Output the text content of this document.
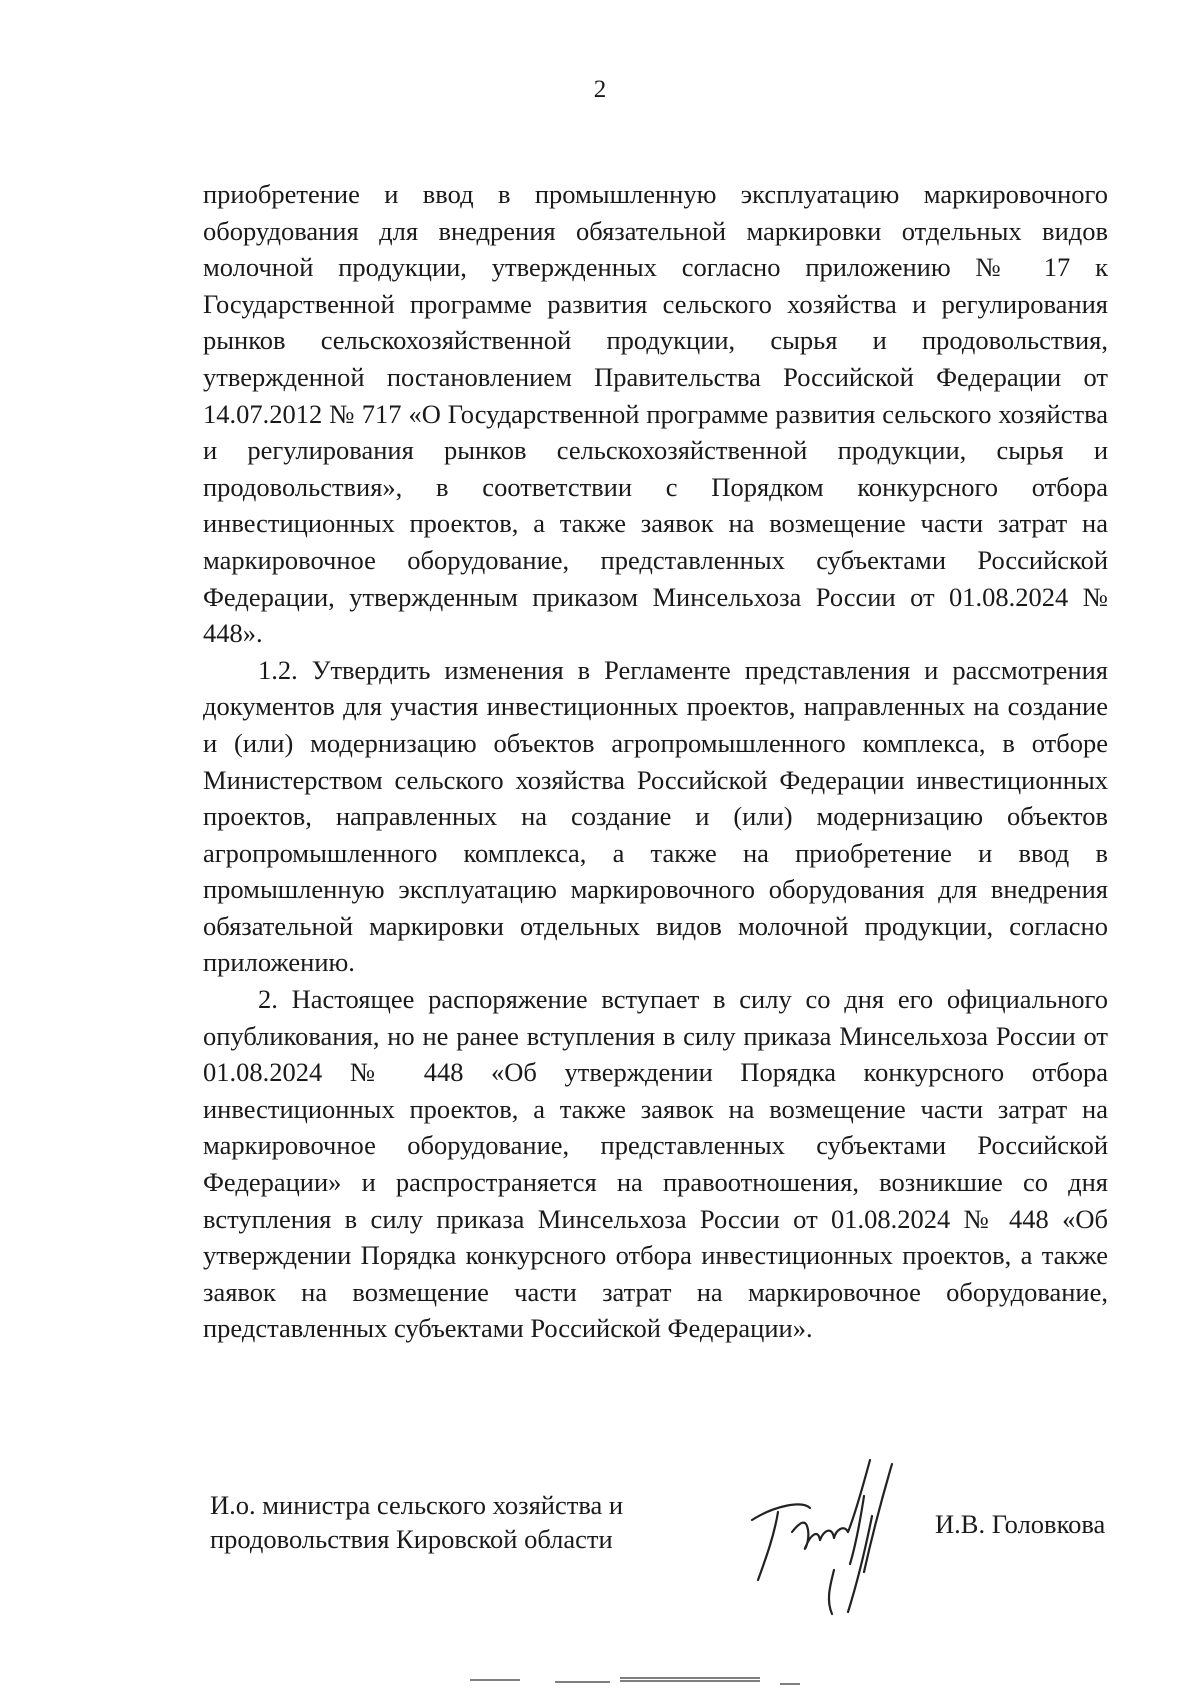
2

приобретение и ввод в промышленную эксплуатацию маркировочного оборудования для внедрения обязательной маркировки отдельных видов молочной продукции, утвержденных согласно приложению № 17 к Государственной программе развития сельского хозяйства и регулирования рынков сельскохозяйственной продукции, сырья и продовольствия, утвержденной постановлением Правительства Российской Федерации от 14.07.2012 № 717 «О Государственной программе развития сельского хозяйства и регулирования рынков сельскохозяйственной продукции, сырья и продовольствия», в соответствии с Порядком конкурсного отбора инвестиционных проектов, а также заявок на возмещение части затрат на маркировочное оборудование, представленных субъектами Российской Федерации, утвержденным приказом Минсельхоза России от 01.08.2024 № 448».

1.2. Утвердить изменения в Регламенте представления и рассмотрения документов для участия инвестиционных проектов, направленных на создание и (или) модернизацию объектов агропромышленного комплекса, в отборе Министерством сельского хозяйства Российской Федерации инвестиционных проектов, направленных на создание и (или) модернизацию объектов агропромышленного комплекса, а также на приобретение и ввод в промышленную эксплуатацию маркировочного оборудования для внедрения обязательной маркировки отдельных видов молочной продукции, согласно приложению.

2. Настоящее распоряжение вступает в силу со дня его официального опубликования, но не ранее вступления в силу приказа Минсельхоза России от 01.08.2024 № 448 «Об утверждении Порядка конкурсного отбора инвестиционных проектов, а также заявок на возмещение части затрат на маркировочное оборудование, представленных субъектами Российской Федерации» и распространяется на правоотношения, возникшие со дня вступления в силу приказа Минсельхоза России от 01.08.2024 № 448 «Об утверждении Порядка конкурсного отбора инвестиционных проектов, а также заявок на возмещение части затрат на маркировочное оборудование, представленных субъектами Российской Федерации».

И.о. министра сельского хозяйства и
продовольствия Кировской области	И.В. Головкова
